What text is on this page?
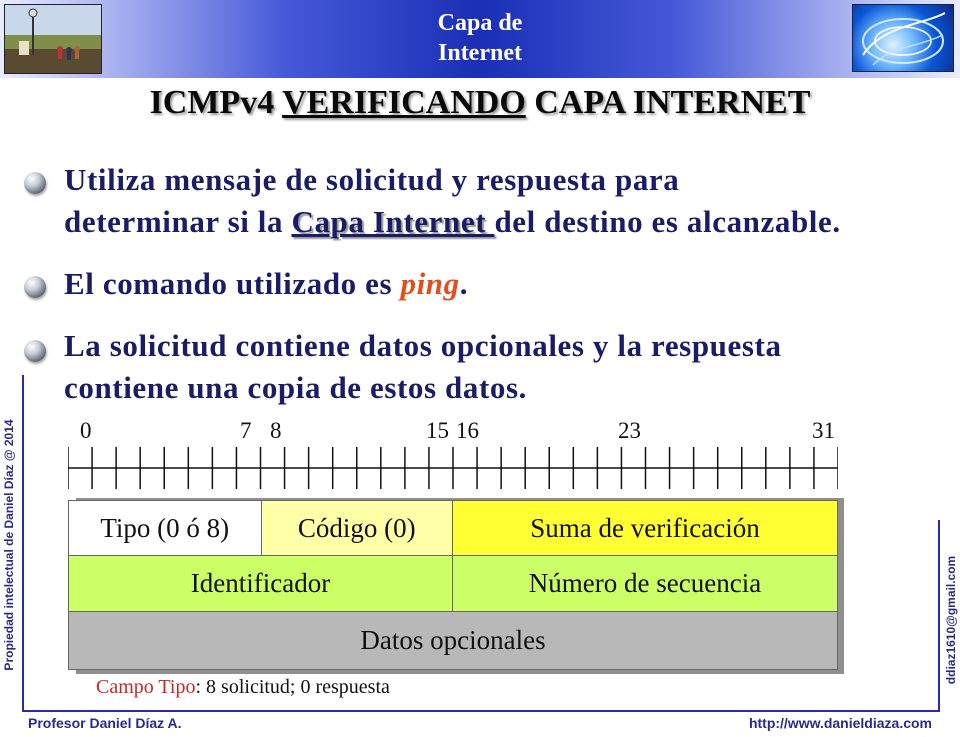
Capa de
Internet
ICMPv4 VERIFICANDO CAPA INTERNET
Utiliza mensaje de solicitud y respuesta para
determinar si la Capa Internet del destino es alcanzable.
El comando utilizado es ping.
La solicitud contiene datos opcionales y la respuesta
contiene una copia de estos datos.
0	7 8	15 16	23	31
Tipo (0 ó 8)	Código (0)	Suma de verificación
Identificador	Número de secuencia
Datos opcionales
Campo Tipo: 8 solicitud; 0 respuesta
Propiedad intelectual de Daniel Díaz @ 2014	ddiaz1610@gmail.com
Profesor Daniel Díaz A.	http://www.danieldiaza.com
